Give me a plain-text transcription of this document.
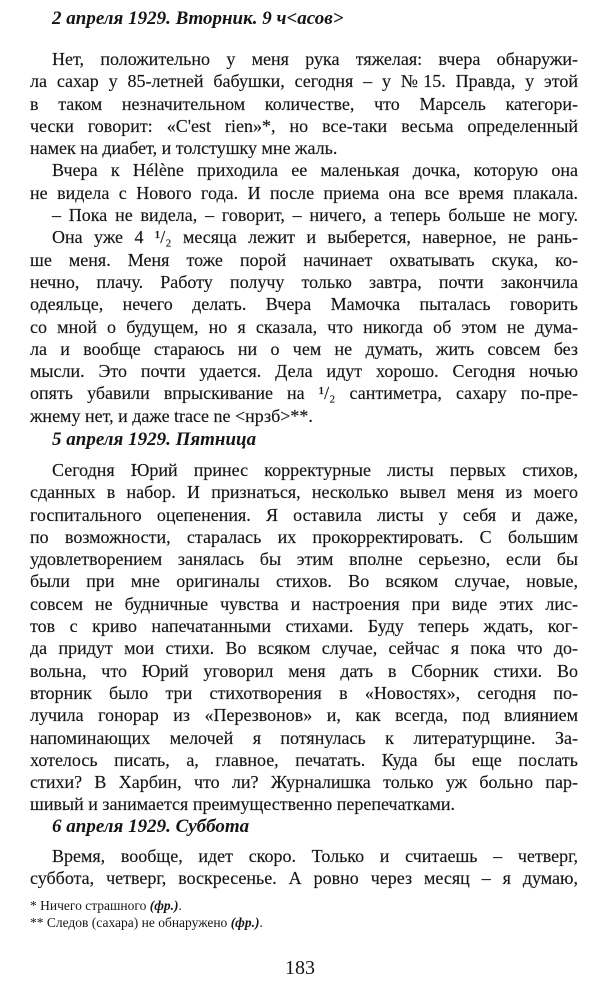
2 апреля 1929. Вторник. 9 ч<асов>
Нет, положительно у меня рука тяжелая: вчера обнаружи-
ла сахар у 85-летней бабушки, сегодня – у №15. Правда, у этой
в таком незначительном количестве, что Марсель категори-
чески говорит: «C'est rien»*, но все-таки весьма определенный
намек на диабет, и толстушку мне жаль.
Вчера к Hélène приходила ее маленькая дочка, которую она
не видела с Нового года. И после приема она все время плакала.
– Пока не видела, – говорит, – ничего, а теперь больше не могу.
Она уже 4 ¹/₂ месяца лежит и выберется, наверное, не рань-
ше меня. Меня тоже порой начинает охватывать скука, ко-
нечно, плачу. Работу получу только завтра, почти закончила
одеяльце, нечего делать. Вчера Мамочка пыталась говорить
со мной о будущем, но я сказала, что никогда об этом не дума-
ла и вообще стараюсь ни о чем не думать, жить совсем без
мысли. Это почти удается. Дела идут хорошо. Сегодня ночью
опять убавили впрыскивание на ¹/₂ сантиметра, сахару по-пре-
жнему нет, и даже trace ne <нрзб>**.
5 апреля 1929. Пятница
Сегодня Юрий принес корректурные листы первых стихов,
сданных в набор. И признаться, несколько вывел меня из моего
госпитального оцепенения. Я оставила листы у себя и даже,
по возможности, старалась их прокорректировать. С большим
удовлетворением занялась бы этим вполне серьезно, если бы
были при мне оригиналы стихов. Во всяком случае, новые,
совсем не будничные чувства и настроения при виде этих лис-
тов с криво напечатанными стихами. Буду теперь ждать, ког-
да придут мои стихи. Во всяком случае, сейчас я пока что до-
вольна, что Юрий уговорил меня дать в Сборник стихи. Во
вторник было три стихотворения в «Новостях», сегодня по-
лучила гонорар из «Перезвонов» и, как всегда, под влиянием
напоминающих мелочей я потянулась к литературщине. За-
хотелось писать, а, главное, печатать. Куда бы еще послать
стихи? В Харбин, что ли? Журналишка только уж больно пар-
шивый и занимается преимущественно перепечатками.
6 апреля 1929. Суббота
Время, вообще, идет скоро. Только и считаешь – четверг,
суббота, четверг, воскресенье. А ровно через месяц – я думаю,
* Ничего страшного (фр.).
** Следов (сахара) не обнаружено (фр.).
183
